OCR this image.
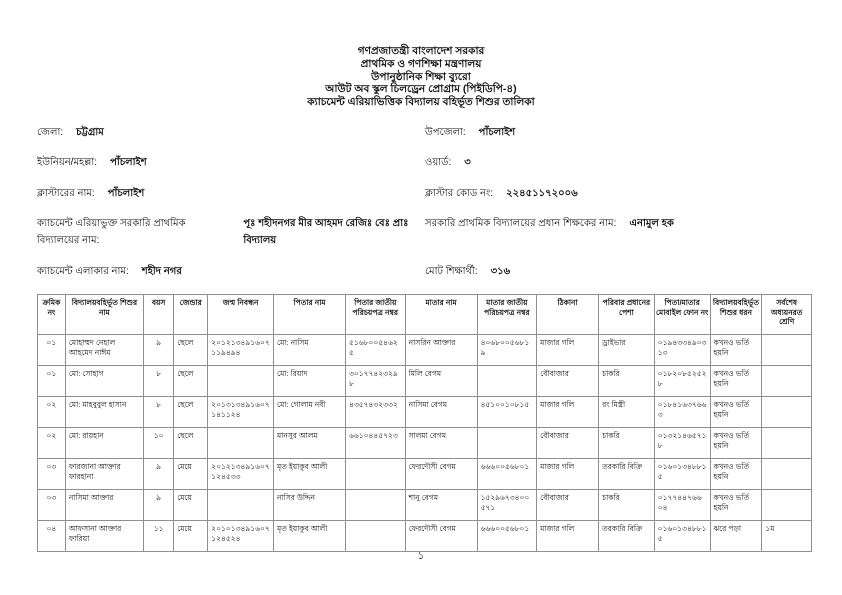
গণপ্রজাতন্ত্রী বাংলাদেশ সরকার
প্রাথমিক ও গণশিক্ষা মন্ত্রণালয়
উপানুষ্ঠানিক শিক্ষা ব্যুরো
আউট অব স্কুল চিলড্রেন প্রোগ্রাম (পিইডিপি-৪)
ক্যাচমেন্ট এরিয়াভিত্তিক বিদ্যালয় বহির্ভূত শিশুর তালিকা
জেলা: চট্টগ্রাম	উপজেলা: পাঁচলাইশ
ইউনিয়ন/মহল্লা: পাঁচলাইশ	ওয়ার্ড: ৩
ক্লাস্টারের নাম: পাঁচলাইশ	ক্লাস্টার কোড নং: ২২৪৫১১৭২০০৬
ক্যাচমেন্ট এরিয়াভুক্ত সরকারি প্রাথমিক বিদ্যালয়ের নাম:
পূঃ শহীদনগর মীর আহমদ রেজিঃ বেঃ প্রাঃ বিদ্যালয়
সরকারি প্রাথমিক বিদ্যালয়ের প্রধান শিক্ষকের নাম: এনামুল হক
ক্যাচমেন্ট এলাকার নাম: শহীদ নগর	মোট শিক্ষার্থী: ৩১৬
ক্রমিক নং	বিদ্যালয়বহির্ভূত শিশুর নাম	বয়স	জেন্ডার	জন্ম নিবন্ধন	পিতার নাম	পিতার জাতীয় পরিচয়পত্র নম্বর	মাতার নাম	মাতার জাতীয় পরিচয়পত্র নম্বর	ঠিকানা	পরিবার প্রধানের পেশা	পিতা/মাতার মোবাইল ফোন নং	বিদ্যালয়বহির্ভূত শিশুর ধরন	সর্বশেষ অধ্যয়নরত শ্রেণি
০১	মোহাম্মদ নেহাল আহমেদ নাঈম	৯	ছেলে	২০১২১৩৪৯১৬০৭১১৯৪৯৪	মো: নাসিম	৫১৬৮০০৫৪৬২৫	নাসরিন আক্তার	৪০৬৮০০৫৬৮১৯	মাজার গলি	ড্রাইভার	০১৯৪৩৩৪৯০৩১৩	কখনও ভর্তি হয়নি	
০১	মো: সোহাগ	৮	ছেলে		মো: রিয়াদ	৩০১৭৭৪২৩২৯৮	মিলি বেগম		বৌবাজার	চাকরি	০১৮২০৮৫২৫২৮	কখনও ভর্তি হয়নি	
০২	মো: মাহবুবুল হাসান	৮	ছেলে	২০১৩১৩৪৯১৬০৭১৪১১২৪	মো: গোলাম নবী	৪৩৫৭৪৩২৩৩২	নাসিমা বেগম	৪৫১০০১০৮১৫	মাজার গলি	রং মিস্ত্রী	০১৮৪১৬৩৭৬৬৩	কখনও ভর্তি হয়নি	
০২	মো: রায়হান	১০	ছেলে		মানসুর আলম	৬৬১০৪৪৫৭২৩	সালমা বেগম		বৌবাজার	চাকরি	০১৩২১৪৬৫৭১৮	কখনও ভর্তি হয়নি	
০৩	ফারজানা আক্তার ফারহানা	৯	মেয়ে	২০১২১৩৪৯১৬০৭১২৪৫৩৩	মৃত ইয়াকুব আলী		ফেরদৌসী বেগম	৬৬৬০০৫৬৮০১	মাজার গলি	তরকারি বিক্রি	০১৬০১৩৪৮৮১৫	কখনও ভর্তি হয়নি	
০৩	নাসিমা আক্তার	৯	মেয়ে		নাসির উদ্দিন		শানু বেগম	১৫২৯৬৭৩৪০০৫৭১	বৌবাজার	চাকরি	০১৭৭৪৪৭৬৬০৪	কখনও ভর্তি হয়নি	
০৪	আফসানা আক্তার ফারিয়া	১১	মেয়ে	২০১০১৩৪৯১৬০৭১২৪৫২৪	মৃত ইয়াকুব আলী		ফেরদৌসী বেগম	৬৬৬০০৫৬৮০১	মাজার গলি	তরকারি বিক্রি	০১৬০১৩৪৮৮১৫	ঝরে পড়া	১ম
১
